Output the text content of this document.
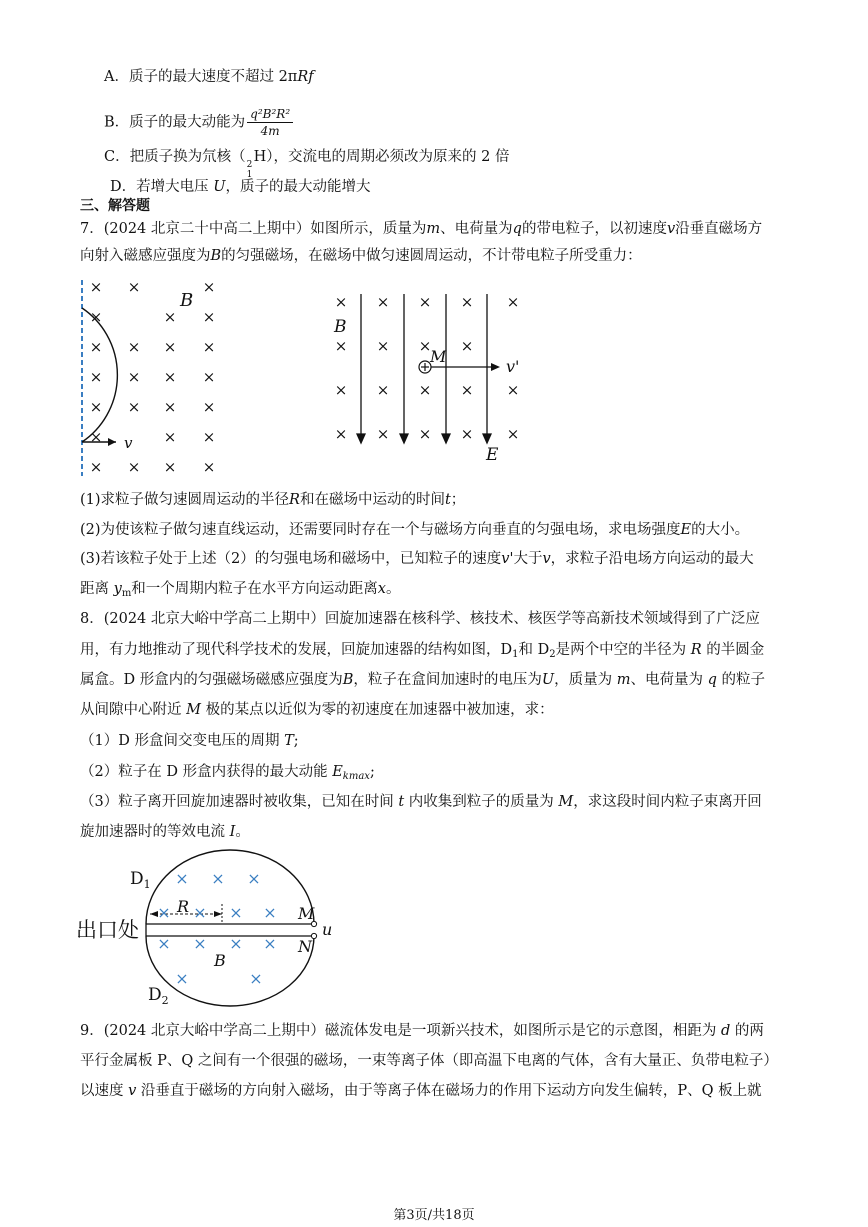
A．质子的最大速度不超过 2πRf
B．质子的最大动能为 $\frac{\text{q²B²R²}}{4m}$
C．把质子换为氘核（ 2
1
H），交流电的周期必须改为原来的 2 倍
D．若增大电压 U，质子的最大动能增大
三、解答题
7．(2024 北京二十中高二上期中）如图所示，质量为m、电荷量为q的带电粒子，以初速度v沿垂直磁场方
向射入磁感应强度为B的匀强磁场，在磁场中做匀速圆周运动，不计带电粒子所受重力：
× ×	×
×	× ×
× × × ×
× × × ×
× × × ×
×	× ×
× × × ×
B
v
× × × × ×
× × × ×
× × × × ×
× × × × ×
B
M
v'
E
(1)求粒子做匀速圆周运动的半径R和在磁场中运动的时间t；
(2)为使该粒子做匀速直线运动，还需要同时存在一个与磁场方向垂直的匀强电场，求电场强度E的大小。
(3)若该粒子处于上述（2）的匀强电场和磁场中，已知粒子的速度v'大于v，求粒子沿电场方向运动的最大
距离 $y_m$和一个周期内粒子在水平方向运动距离x。
8．(2024 北京大峪中学高二上期中）回旋加速器在核科学、核技术、核医学等高新技术领域得到了广泛应
用，有力地推动了现代科学技术的发展，回旋加速器的结构如图，$D_1$和 $D_2$是两个中空的半径为 R 的半圆金
属盒。D 形盒内的匀强磁场磁感应强度为B，粒子在盒间加速时的电压为U，质量为 m、电荷量为 q 的粒子
从间隙中心附近 M 极的某点以近似为零的初速度在加速器中被加速，求：
（1）D 形盒间交变电压的周期 T;
（2）粒子在 D 形盒内获得的最大动能 $E_{kmax}$;
（3）粒子离开回旋加速器时被收集，已知在时间 t 内收集到粒子的质量为 M，求这段时间内粒子束离开回
旋加速器时的等效电流 I。
× × ×
× × × ×
× × × ×
×	×
出口处
$D_1$
$D_2$
R
B
M
N
u
9．(2024 北京大峪中学高二上期中）磁流体发电是一项新兴技术，如图所示是它的示意图，相距为 d 的两
平行金属板 P、Q 之间有一个很强的磁场，一束等离子体（即高温下电离的气体，含有大量正、负带电粒子）
以速度 v 沿垂直于磁场的方向射入磁场，由于等离子体在磁场力的作用下运动方向发生偏转，P、Q 板上就
第3页/共18页
